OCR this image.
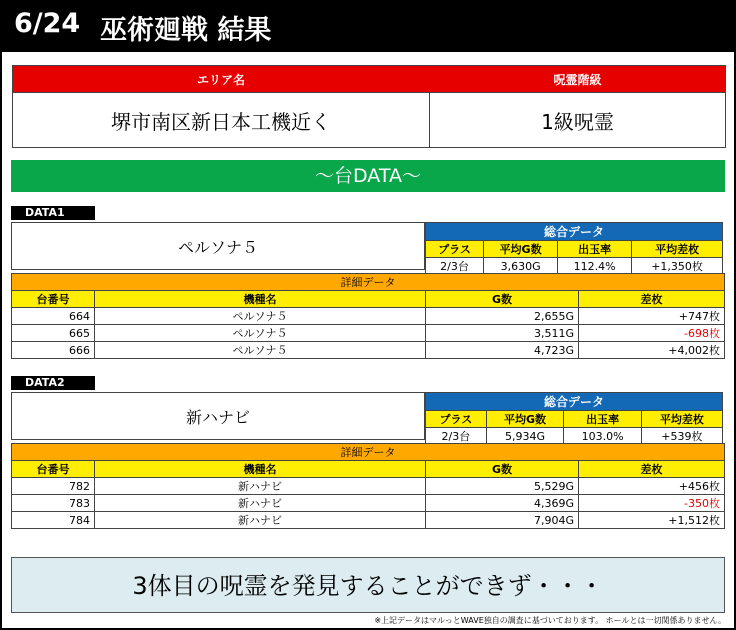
6/24 巫術廻戦 結果
エリア名	呪霊階級
堺市南区新日本工機近く	1級呪霊
〜台DATA〜
DATA1
ペルソナ５
総合データ			
プラス	平均G数	出玉率	平均差枚
2/3台	3,630G	112.4%	+1,350枚
詳細データ			
台番号	機種名	G数	差枚
664	ペルソナ５	2,655G	+747枚
665	ペルソナ５	3,511G	-698枚
666	ペルソナ５	4,723G	+4,002枚
DATA2
新ハナビ
総合データ			
プラス	平均G数	出玉率	平均差枚
2/3台	5,934G	103.0%	+539枚
詳細データ			
台番号	機種名	G数	差枚
782	新ハナビ	5,529G	+456枚
783	新ハナビ	4,369G	-350枚
784	新ハナビ	7,904G	+1,512枚
3体目の呪霊を発見することができず・・・
※上記データはマルっとWAVE独自の調査に基づいております。 ホールとは一切関係ありません。
